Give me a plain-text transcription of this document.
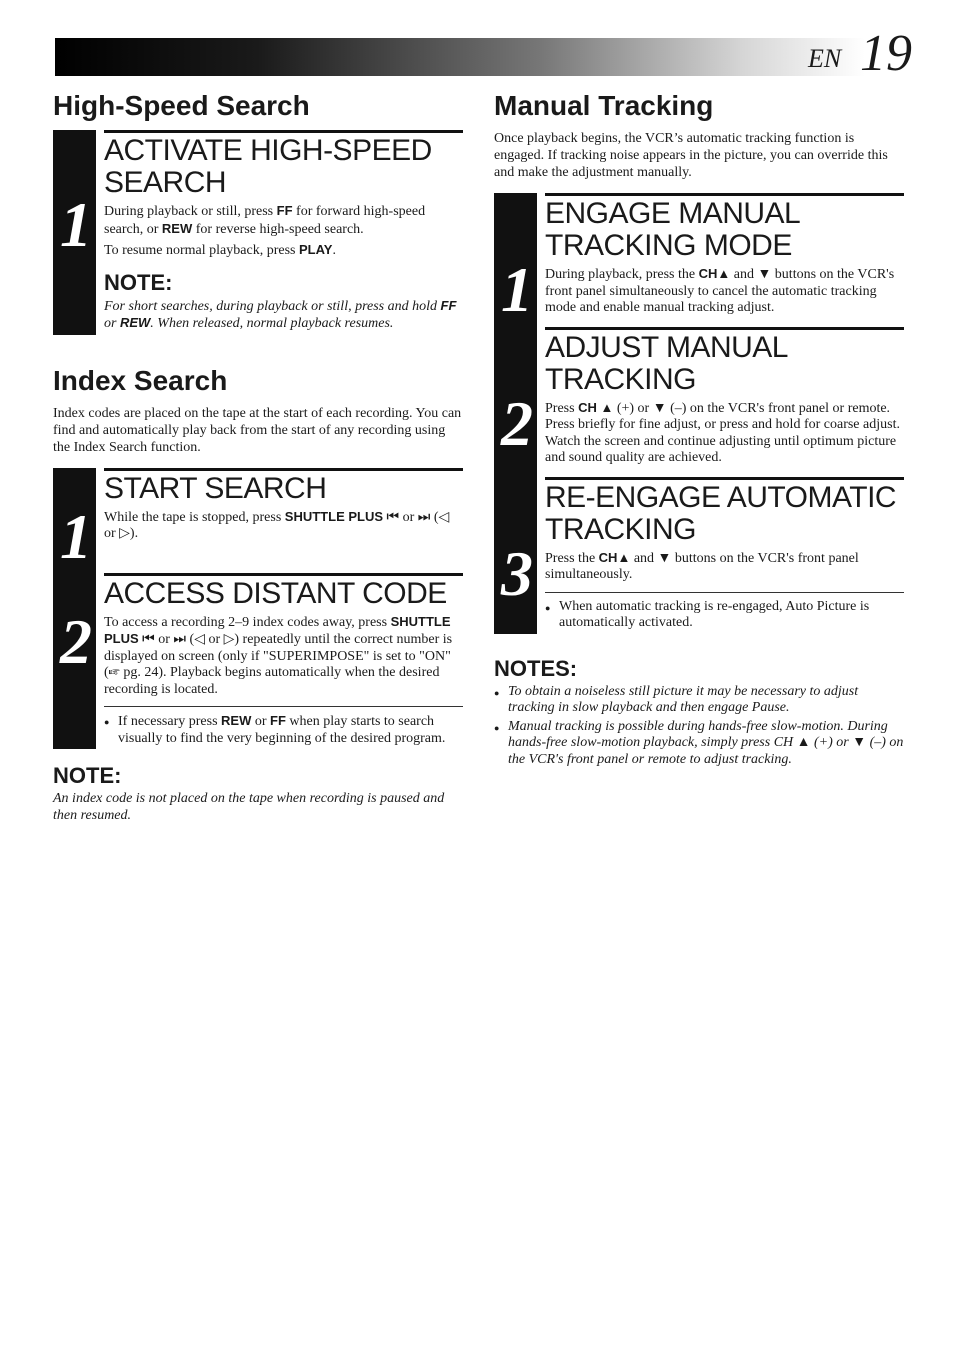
EN 19
High-Speed Search
1
ACTIVATE HIGH-SPEED SEARCH

During playback or still, press FF for forward high-speed search, or REW for reverse high-speed search.

To resume normal playback, press PLAY.

NOTE:

For short searches, during playback or still, press and hold FF or REW. When released, normal playback resumes.

Index Search

Index codes are placed on the tape at the start of each recording. You can find and automatically play back from the start of any recording using the Index Search function.

1
START SEARCH

While the tape is stopped, press SHUTTLE PLUS ⏮ or ⏭ (◁ or ▷).

2
ACCESS DISTANT CODE

To access a recording 2–9 index codes away, press SHUTTLE PLUS ⏮ or ⏭ (◁ or ▷) repeatedly until the correct number is displayed on screen (only if "SUPERIMPOSE" is set to "ON" (☞ pg. 24). Playback begins automatically when the desired recording is located.

● If necessary press REW or FF when play starts to search visually to find the very beginning of the desired program.

NOTE:

An index code is not placed on the tape when recording is paused and then resumed.

Manual Tracking

Once playback begins, the VCR’s automatic tracking function is engaged. If tracking noise appears in the picture, you can override this and make the adjustment manually.

1
ENGAGE MANUAL TRACKING MODE

During playback, press the CH▲ and ▼ buttons on the VCR's front panel simultaneously to cancel the automatic tracking mode and enable manual tracking adjust.

2
ADJUST MANUAL TRACKING

Press CH ▲ (+) or ▼ (–) on the VCR's front panel or remote. Press briefly for fine adjust, or press and hold for coarse adjust. Watch the screen and continue adjusting until optimum picture and sound quality are achieved.

3
RE-ENGAGE AUTOMATIC TRACKING

Press the CH▲ and ▼ buttons on the VCR's front panel simultaneously.

● When automatic tracking is re-engaged, Auto Picture is automatically activated.

NOTES:

● To obtain a noiseless still picture it may be necessary to adjust tracking in slow playback and then engage Pause.

● Manual tracking is possible during hands-free slow-motion. During hands-free slow-motion playback, simply press CH ▲ (+) or ▼ (–) on the VCR's front panel or remote to adjust tracking.
